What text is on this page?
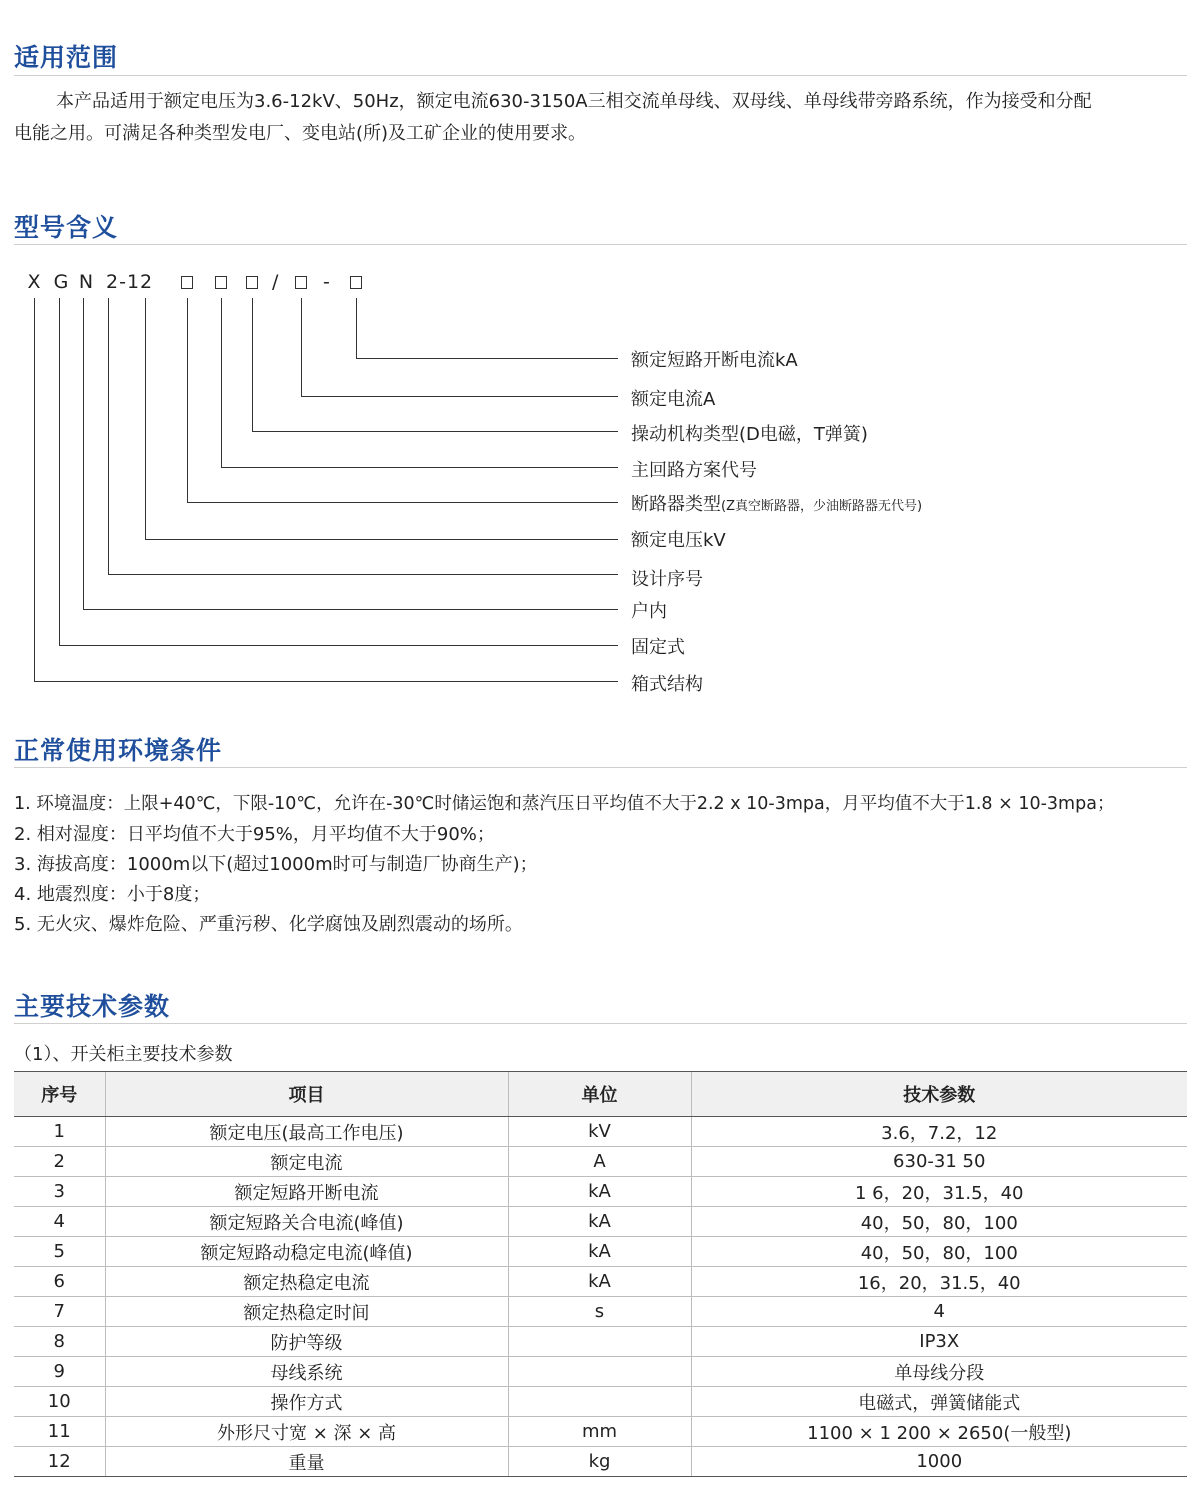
适用范围
本产品适用于额定电压为3.6-12kV、50Hz，额定电流630-3150A三相交流单母线、双母线、单母线带旁路系统，作为接受和分配
电能之用。可满足各种类型发电厂、变电站(所)及工矿企业的使用要求。
型号含义
X G N 2-12	/ -
额定短路开断电流kA
额定电流A
操动机构类型(D电磁，T弹簧)
主回路方案代号
断路器类型(Z真空断路器，少油断路器无代号)
额定电压kV
设计序号
户内
固定式
箱式结构
正常使用环境条件
1. 环境温度：上限+40℃，下限-10℃，允许在-30℃时储运饱和蒸汽压日平均值不大于2.2 x 10-3mpa，月平均值不大于1.8 × 10-3mpa；
2. 相对湿度：日平均值不大于95%，月平均值不大于90%；
3. 海拔高度：1000m以下(超过1000m时可与制造厂协商生产)；
4. 地震烈度：小于8度；
5. 无火灾、爆炸危险、严重污秽、化学腐蚀及剧烈震动的场所。
主要技术参数
（1）、开关柜主要技术参数
序号	项目	单位	技术参数
1	额定电压(最高工作电压)	kV	3.6，7.2，12
2	额定电流	A	630-31 50
3	额定短路开断电流	kA	1 6，20，31.5，40
4	额定短路关合电流(峰值)	kA	40，50，80，100
5	额定短路动稳定电流(峰值)	kA	40，50，80，100
6	额定热稳定电流	kA	16，20，31.5，40
7	额定热稳定时间	s	4
8	防护等级		IP3X
9	母线系统		单母线分段
10	操作方式		电磁式，弹簧储能式
11	外形尺寸宽 × 深 × 高	mm	1100 × 1 200 × 2650(一般型)
12	重量	kg	1000
